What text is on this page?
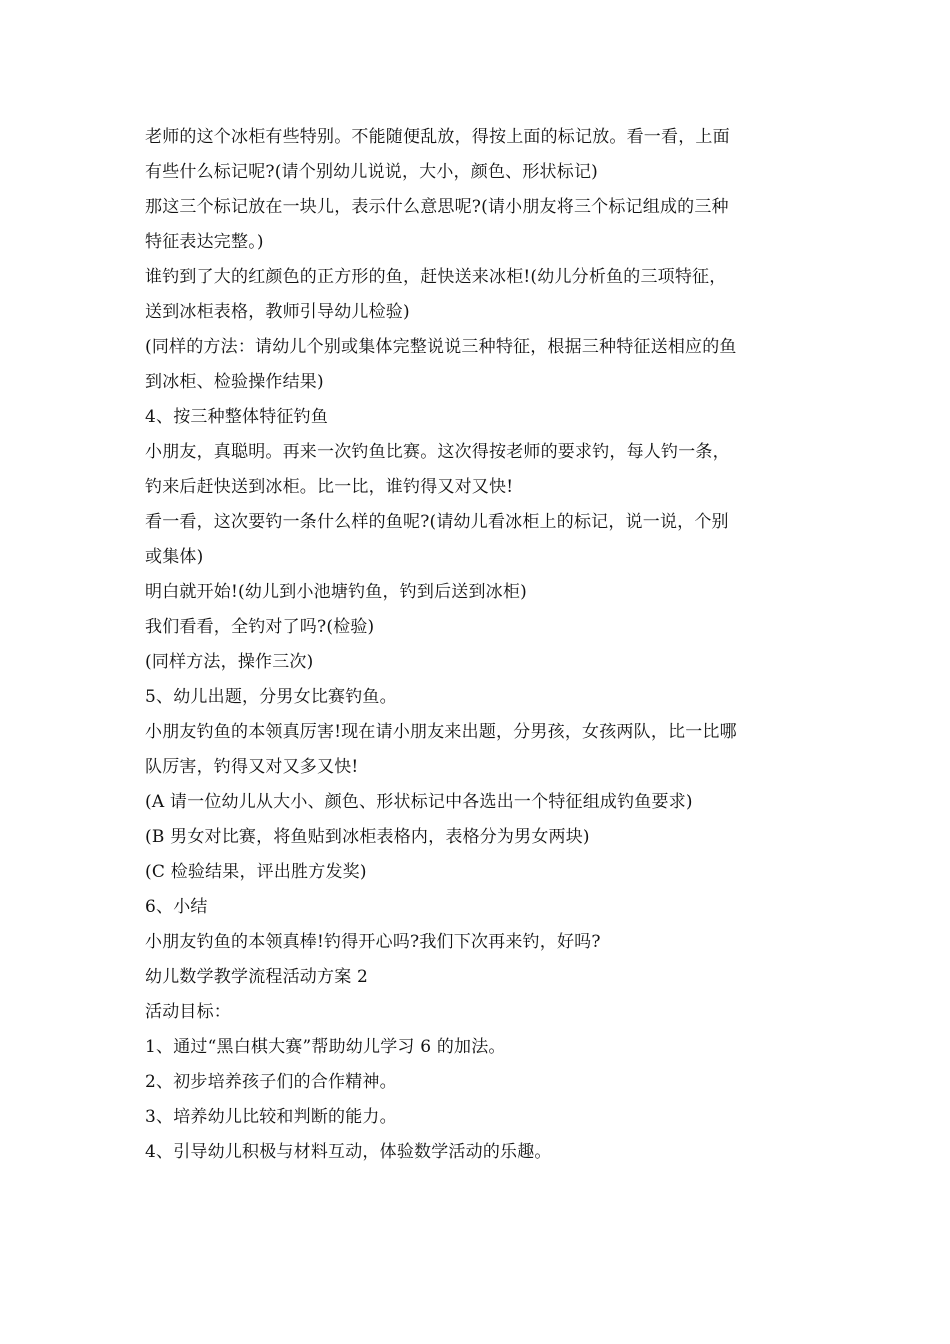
老师的这个冰柜有些特别。不能随便乱放，得按上面的标记放。看一看，上面
有些什么标记呢?(请个别幼儿说说，大小，颜色、形状标记)
那这三个标记放在一块儿，表示什么意思呢?(请小朋友将三个标记组成的三种
特征表达完整。)
谁钓到了大的红颜色的正方形的鱼，赶快送来冰柜!(幼儿分析鱼的三项特征，
送到冰柜表格，教师引导幼儿检验)
(同样的方法：请幼儿个别或集体完整说说三种特征，根据三种特征送相应的鱼
到冰柜、检验操作结果)
4、按三种整体特征钓鱼
小朋友，真聪明。再来一次钓鱼比赛。这次得按老师的要求钓，每人钓一条，
钓来后赶快送到冰柜。比一比，谁钓得又对又快!
看一看，这次要钓一条什么样的鱼呢?(请幼儿看冰柜上的标记，说一说，个别
或集体)
明白就开始!(幼儿到小池塘钓鱼，钓到后送到冰柜)
我们看看，全钓对了吗?(检验)
(同样方法，操作三次)
5、幼儿出题，分男女比赛钓鱼。
小朋友钓鱼的本领真厉害!现在请小朋友来出题，分男孩，女孩两队，比一比哪
队厉害，钓得又对又多又快!
(A 请一位幼儿从大小、颜色、形状标记中各选出一个特征组成钓鱼要求)
(B 男女对比赛，将鱼贴到冰柜表格内，表格分为男女两块)
(C 检验结果，评出胜方发奖)
6、小结
小朋友钓鱼的本领真棒!钓得开心吗?我们下次再来钓，好吗?
幼儿数学教学流程活动方案 2
活动目标：
1、通过“黑白棋大赛”帮助幼儿学习 6 的加法。
2、初步培养孩子们的合作精神。
3、培养幼儿比较和判断的能力。
4、引导幼儿积极与材料互动，体验数学活动的乐趣。
